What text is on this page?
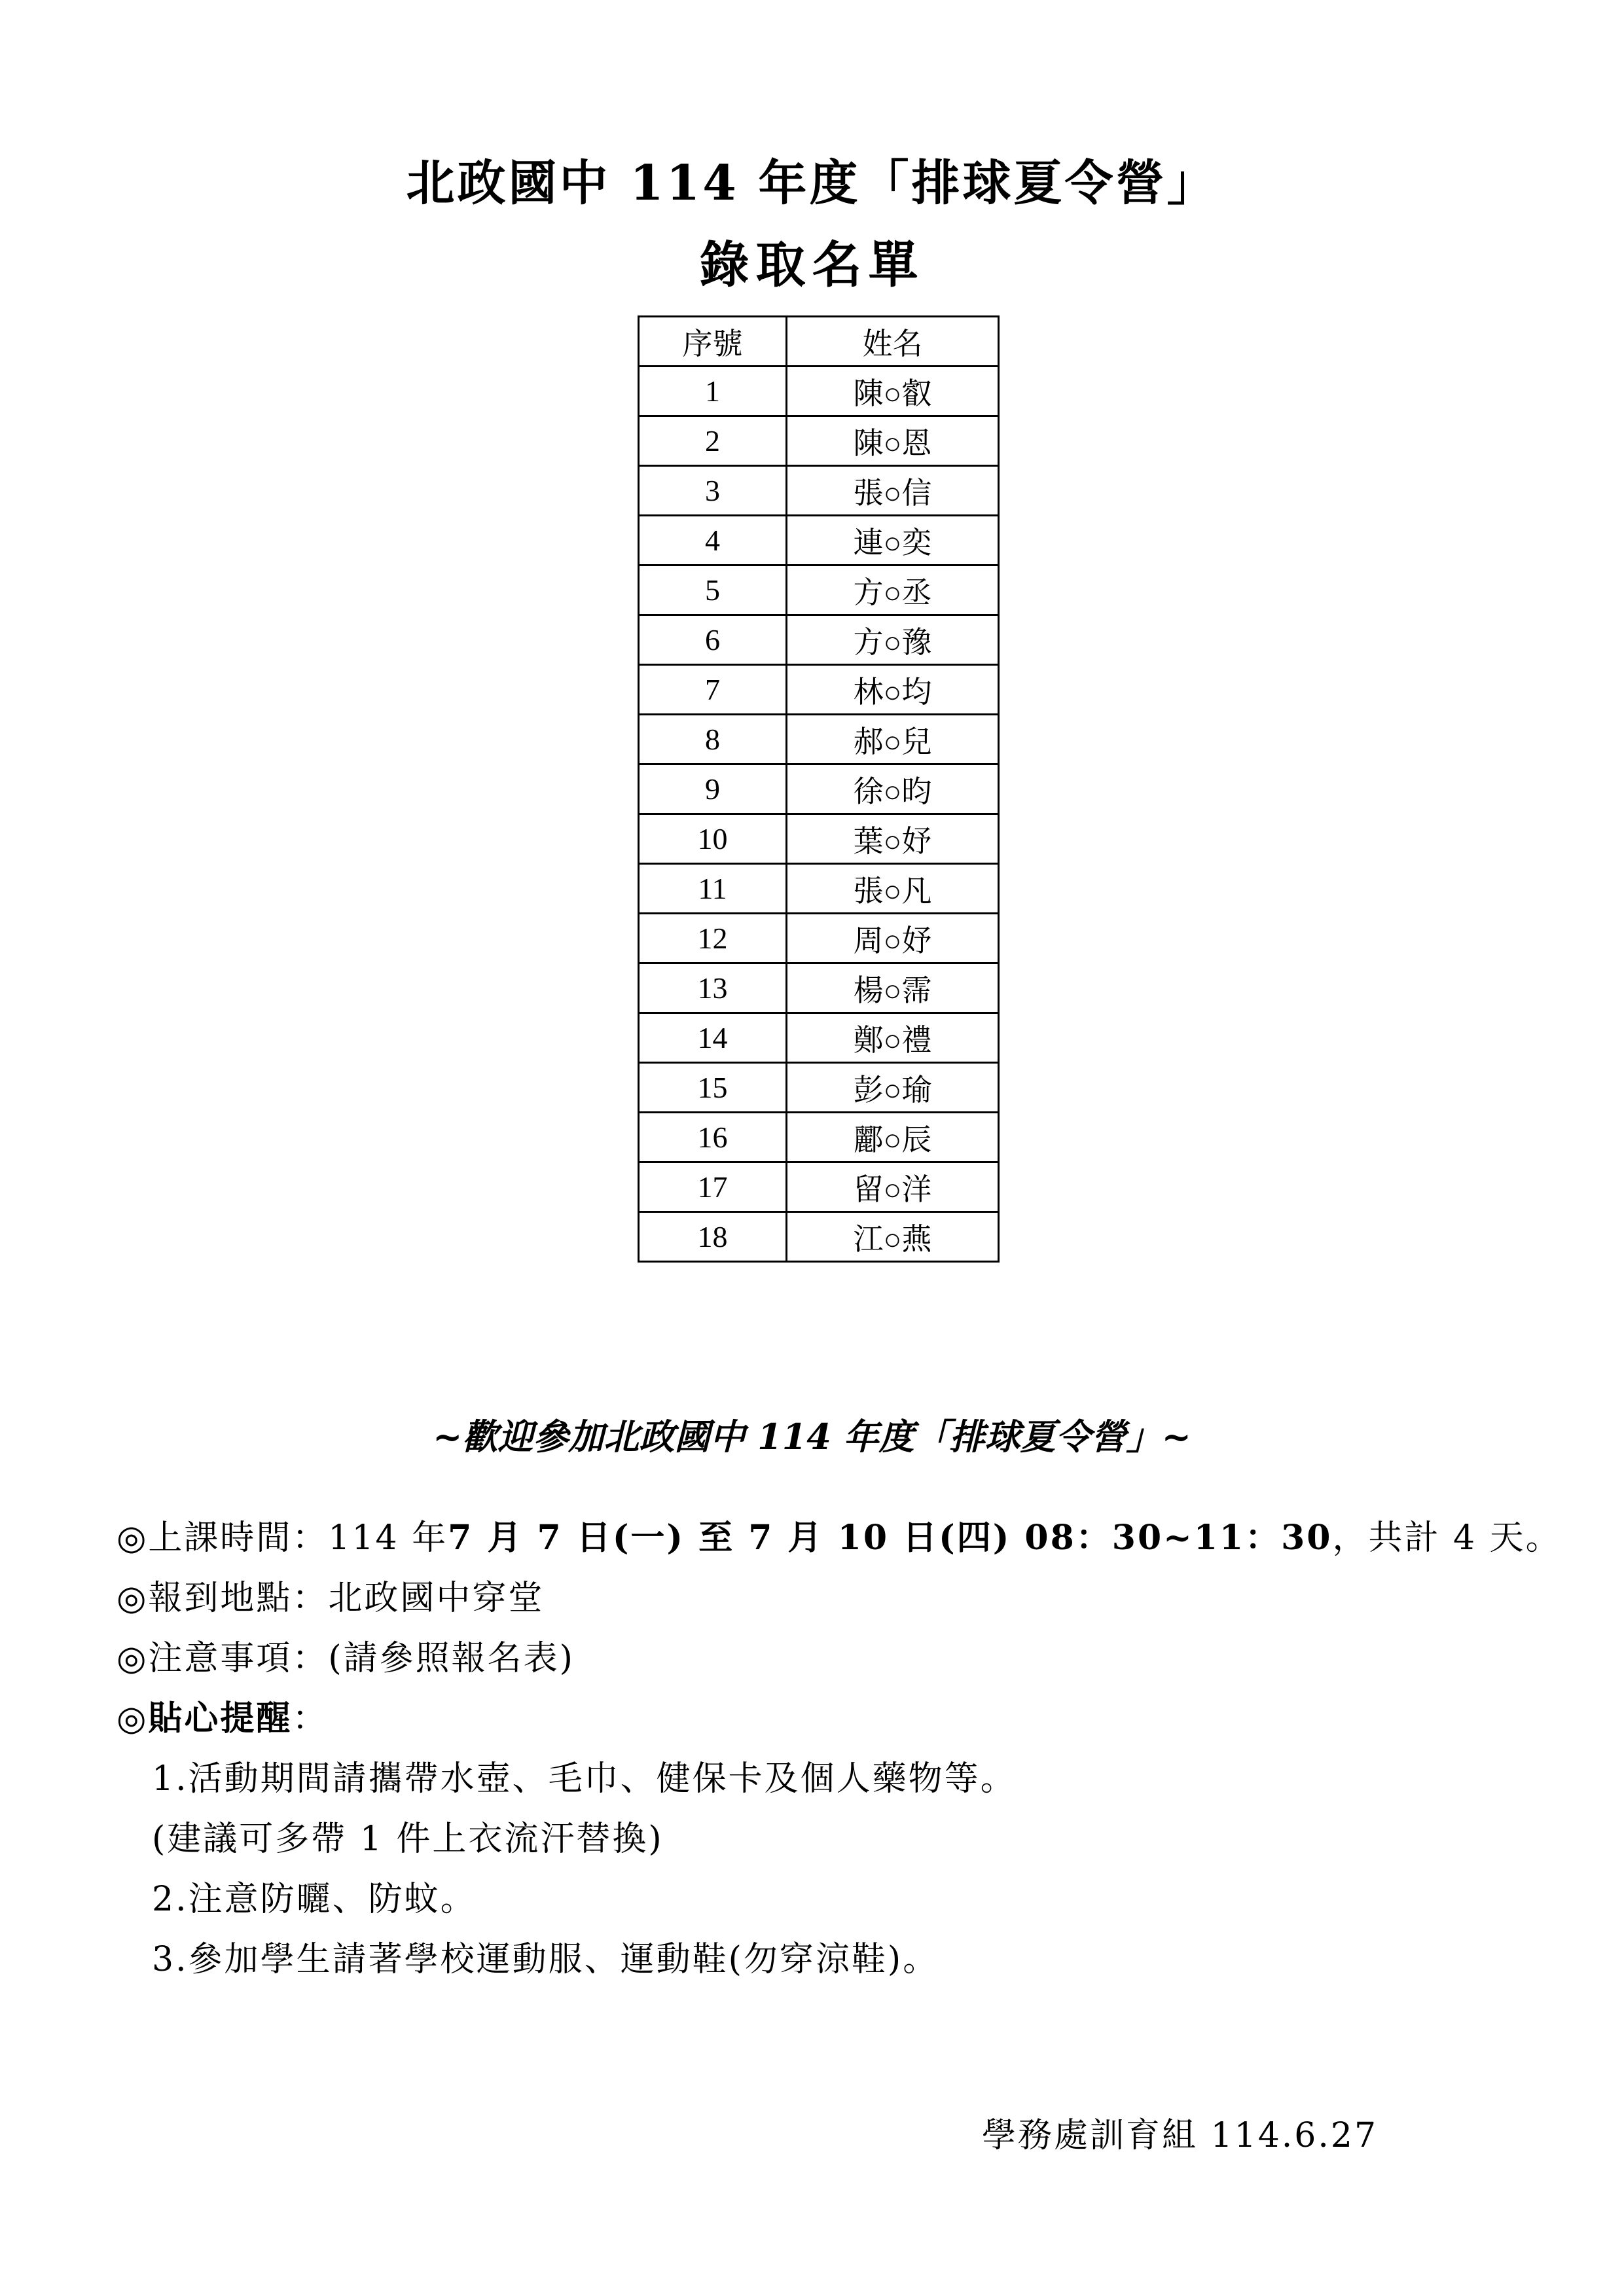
北政國中 114 年度「排球夏令營」
錄取名單
序號	姓名
1	陳○叡
2	陳○恩
3	張○信
4	連○奕
5	方○丞
6	方○豫
7	林○均
8	郝○兒
9	徐○昀
10	葉○妤
11	張○凡
12	周○妤
13	楊○霈
14	鄭○禮
15	彭○瑜
16	酈○辰
17	留○洋
18	江○燕
~歡迎參加北政國中 114 年度「排球夏令營」~
◎上課時間：114 年7 月 7 日(一) 至 7 月 10 日(四) 08：30~11：30，共計 4 天。
◎報到地點：北政國中穿堂
◎注意事項：(請參照報名表)
◎貼心提醒：
1.活動期間請攜帶水壺、毛巾、健保卡及個人藥物等。
(建議可多帶 1 件上衣流汗替換)
2.注意防曬、防蚊。
3.參加學生請著學校運動服、運動鞋(勿穿涼鞋)。
學務處訓育組 114.6.27
